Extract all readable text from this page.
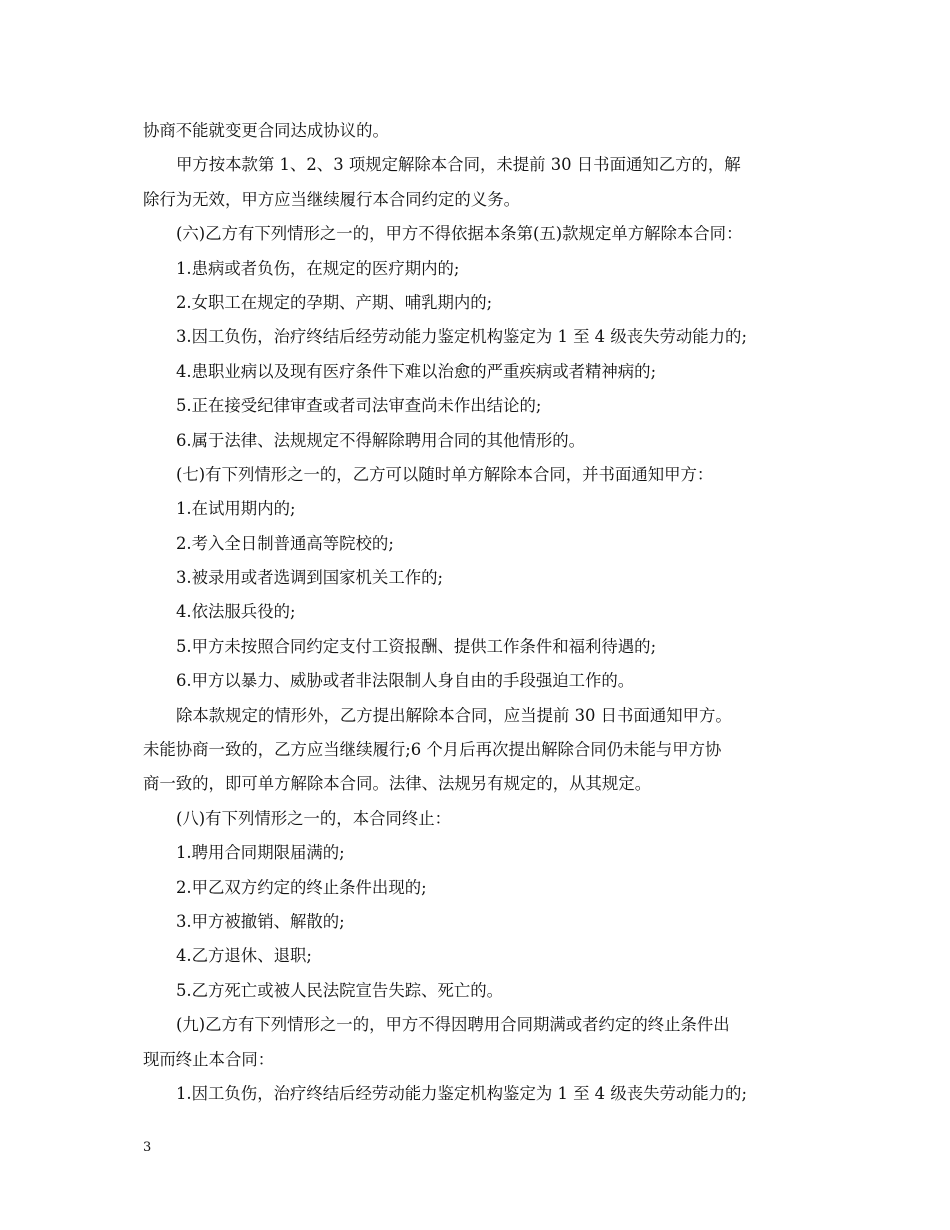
协商不能就变更合同达成协议的。
甲方按本款第 1、2、3 项规定解除本合同，未提前 30 日书面通知乙方的，解
除行为无效，甲方应当继续履行本合同约定的义务。
(六)乙方有下列情形之一的，甲方不得依据本条第(五)款规定单方解除本合同：
1.患病或者负伤，在规定的医疗期内的;
2.女职工在规定的孕期、产期、哺乳期内的;
3.因工负伤，治疗终结后经劳动能力鉴定机构鉴定为 1 至 4 级丧失劳动能力的;
4.患职业病以及现有医疗条件下难以治愈的严重疾病或者精神病的;
5.正在接受纪律审查或者司法审查尚未作出结论的;
6.属于法律、法规规定不得解除聘用合同的其他情形的。
(七)有下列情形之一的，乙方可以随时单方解除本合同，并书面通知甲方：
1.在试用期内的;
2.考入全日制普通高等院校的;
3.被录用或者选调到国家机关工作的;
4.依法服兵役的;
5.甲方未按照合同约定支付工资报酬、提供工作条件和福利待遇的;
6.甲方以暴力、威胁或者非法限制人身自由的手段强迫工作的。
除本款规定的情形外，乙方提出解除本合同，应当提前 30 日书面通知甲方。
未能协商一致的，乙方应当继续履行;6 个月后再次提出解除合同仍未能与甲方协
商一致的，即可单方解除本合同。法律、法规另有规定的，从其规定。
(八)有下列情形之一的，本合同终止：
1.聘用合同期限届满的;
2.甲乙双方约定的终止条件出现的;
3.甲方被撤销、解散的;
4.乙方退休、退职;
5.乙方死亡或被人民法院宣告失踪、死亡的。
(九)乙方有下列情形之一的，甲方不得因聘用合同期满或者约定的终止条件出
现而终止本合同：
1.因工负伤，治疗终结后经劳动能力鉴定机构鉴定为 1 至 4 级丧失劳动能力的;
3
